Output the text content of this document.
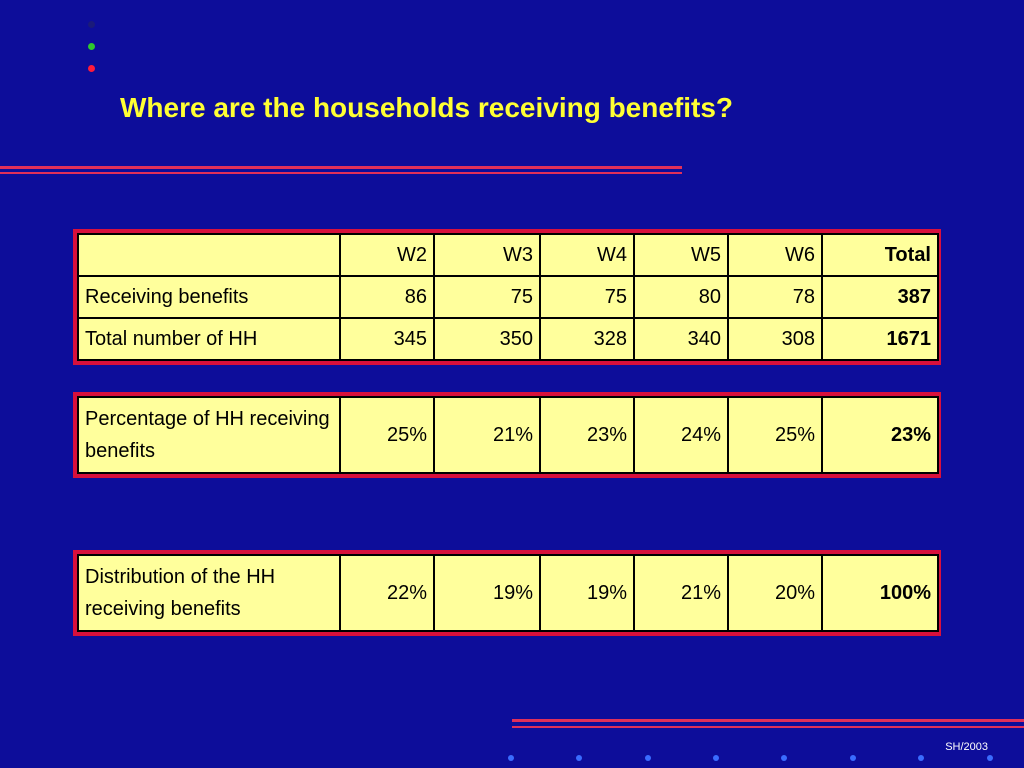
Where are the households receiving benefits?
	W2	W3	W4	W5	W6	Total
Receiving benefits	86	75	75	80	78	387
Total number of HH	345	350	328	340	308	1671
Percentage of HH receiving benefits	25%	21%	23%	24%	25%	23%
Distribution of the HH receiving benefits	22%	19%	19%	21%	20%	100%
SH/2003
